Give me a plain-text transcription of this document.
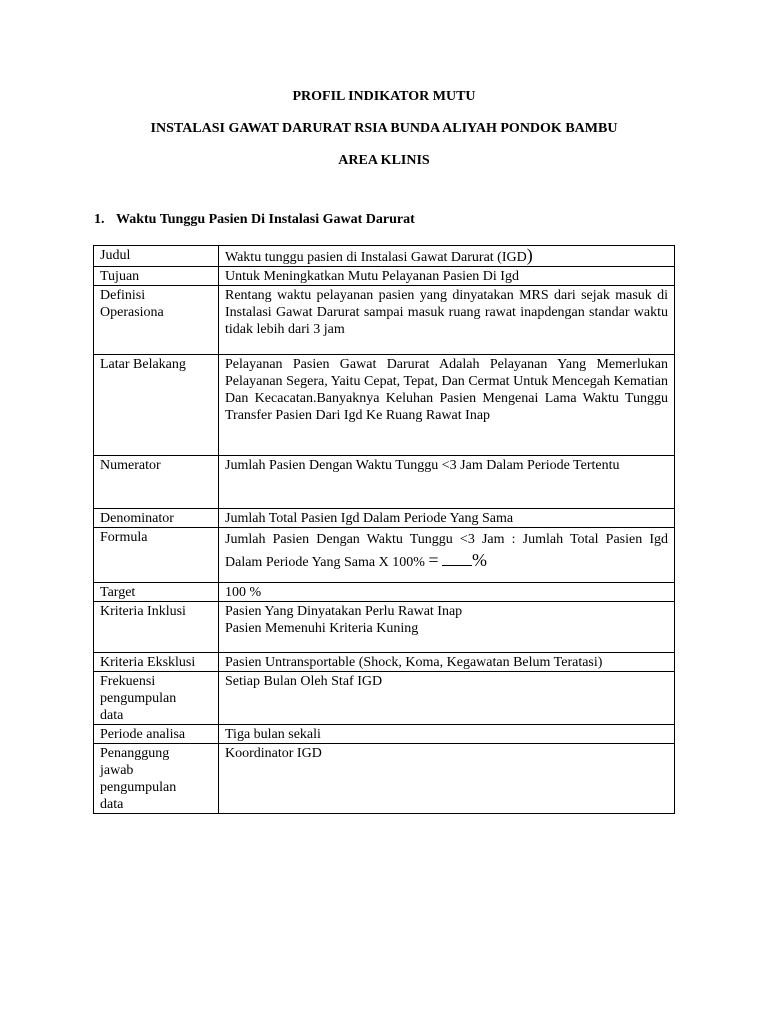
PROFIL INDIKATOR MUTU
INSTALASI GAWAT DARURAT RSIA BUNDA ALIYAH PONDOK BAMBU
AREA KLINIS
1. Waktu Tunggu Pasien Di Instalasi Gawat Darurat
Judul	Waktu tunggu pasien di Instalasi Gawat Darurat (IGD)
Tujuan	Untuk Meningkatkan Mutu Pelayanan Pasien Di Igd

Definisi
Operasiona	Rentang waktu pelayanan pasien yang dinyatakan MRS dari sejak masuk di Instalasi Gawat Darurat sampai masuk ruang rawat inapdengan standar waktu tidak lebih dari 3 jam
Latar Belakang	Pelayanan Pasien Gawat Darurat Adalah Pelayanan Yang Memerlukan Pelayanan Segera, Yaitu Cepat, Tepat, Dan Cermat Untuk Mencegah Kematian Dan Kecacatan.Banyaknya Keluhan Pasien Mengenai Lama Waktu Tunggu Transfer Pasien Dari Igd Ke Ruang Rawat Inap
Numerator	Jumlah Pasien Dengan Waktu Tunggu <3 Jam Dalam Periode Tertentu
Denominator	Jumlah Total Pasien Igd Dalam Periode Yang Sama
Formula	Jumlah Pasien Dengan Waktu Tunggu <3 Jam : Jumlah Total Pasien Igd Dalam Periode Yang Sama X 100% = %
Target	100 %
Kriteria Inklusi	Pasien Yang Dinyatakan Perlu Rawat Inap
Pasien Memenuhi Kriteria Kuning

Kriteria Eksklusi	Pasien Untransportable (Shock, Koma, Kegawatan Belum Teratasi)

Frekuensi
pengumpulan
data	Setiap Bulan Oleh Staf IGD
Periode analisa	Tiga bulan sekali

Penanggung
jawab
pengumpulan
data	Koordinator IGD
